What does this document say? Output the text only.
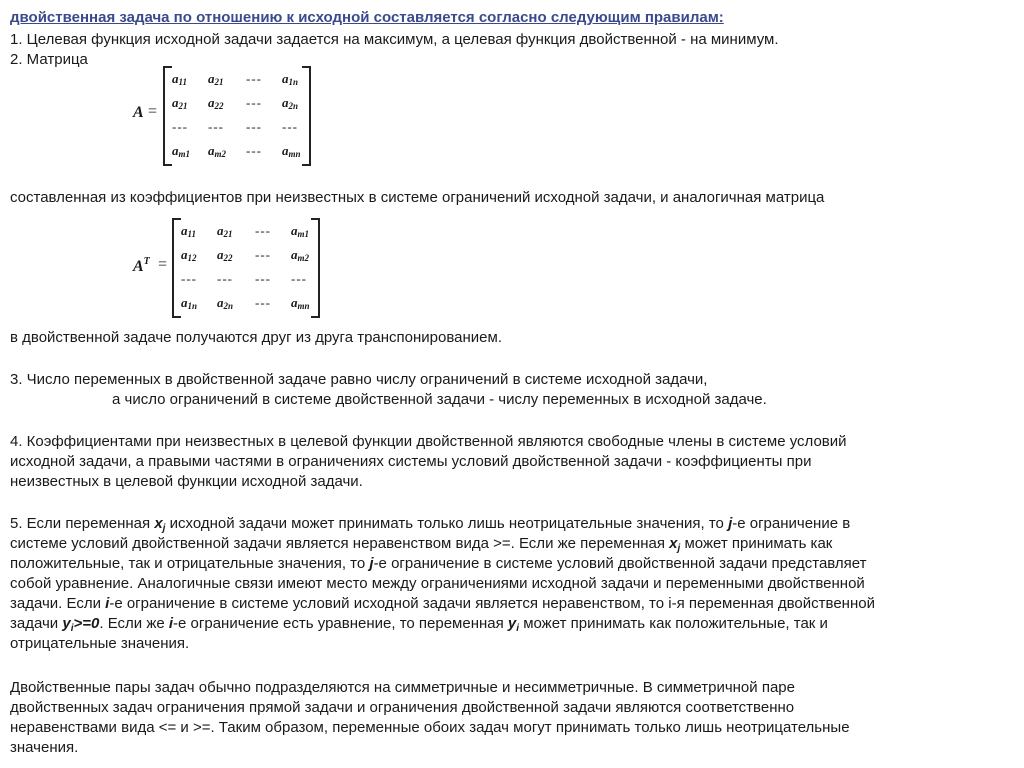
двойственная задача по отношению к исходной составляется согласно следующим правилам:
1. Целевая функция исходной задачи задается на максимум, а целевая функция двойственной - на минимум.
2. Матрица
A =
$a_{11}$	$a_{21}$	---	$a_{1n}$
$a_{21}$	$a_{22}$	---	$a_{2n}$
---	---	---	---
$a_{m1}$	$a_{m2}$	---	$a_{mn}$
составленная из коэффициентов при неизвестных в системе ограничений исходной задачи, и аналогичная матрица
$A^T$ =
$a_{11}$	$a_{21}$	---	$a_{m1}$
$a_{12}$	$a_{22}$	---	$a_{m2}$
---	---	---	---
$a_{1n}$	$a_{2n}$	---	$a_{mn}$
в двойственной задаче получаются друг из друга транспонированием.
3. Число переменных в двойственной задаче равно числу ограничений в системе исходной задачи,
а число ограничений в системе двойственной задачи - числу переменных в исходной задаче.
4. Коэффициентами при неизвестных в целевой функции двойственной являются свободные члены в системе условий
исходной задачи, а правыми частями в ограничениях системы условий двойственной задачи - коэффициенты при
неизвестных в целевой функции исходной задачи.
5. Если переменная $x_j$ исходной задачи может принимать только лишь неотрицательные значения, то j-е ограничение в
системе условий двойственной задачи является неравенством вида >=. Если же переменная $x_j$ может принимать как
положительные, так и отрицательные значения, то j-е ограничение в системе условий двойственной задачи представляет
собой уравнение. Аналогичные связи имеют место между ограничениями исходной задачи и переменными двойственной
задачи. Если i-е ограничение в системе условий исходной задачи является неравенством, то i-я переменная двойственной
задачи $y_i>=0$. Если же i-е ограничение есть уравнение, то переменная $y_i$ может принимать как положительные, так и
отрицательные значения.
Двойственные пары задач обычно подразделяются на симметричные и несимметричные. В симметричной паре
двойственных задач ограничения прямой задачи и ограничения двойственной задачи являются соответственно
неравенствами вида <= и >=. Таким образом, переменные обоих задач могут принимать только лишь неотрицательные
значения.
